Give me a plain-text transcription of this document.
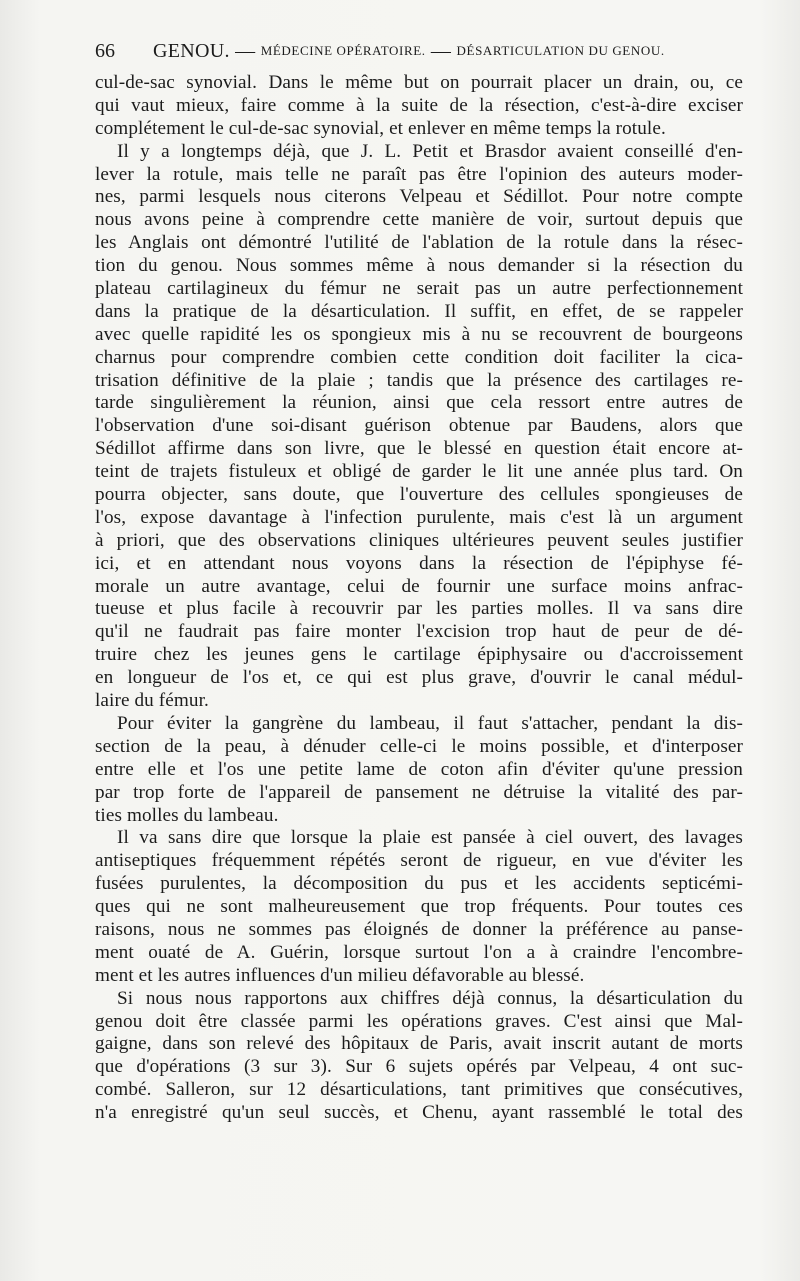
66 GENOU. — MÉDECINE OPÉRATOIRE. — DÉSARTICULATION DU GENOU.
cul-de-sac synovial. Dans le même but on pourrait placer un drain, ou, ce
qui vaut mieux, faire comme à la suite de la résection, c'est-à-dire exciser
complétement le cul-de-sac synovial, et enlever en même temps la rotule.
Il y a longtemps déjà, que J. L. Petit et Brasdor avaient conseillé d'en-
lever la rotule, mais telle ne paraît pas être l'opinion des auteurs moder-
nes, parmi lesquels nous citerons Velpeau et Sédillot. Pour notre compte
nous avons peine à comprendre cette manière de voir, surtout depuis que
les Anglais ont démontré l'utilité de l'ablation de la rotule dans la résec-
tion du genou. Nous sommes même à nous demander si la résection du
plateau cartilagineux du fémur ne serait pas un autre perfectionnement
dans la pratique de la désarticulation. Il suffit, en effet, de se rappeler
avec quelle rapidité les os spongieux mis à nu se recouvrent de bourgeons
charnus pour comprendre combien cette condition doit faciliter la cica-
trisation définitive de la plaie ; tandis que la présence des cartilages re-
tarde singulièrement la réunion, ainsi que cela ressort entre autres de
l'observation d'une soi-disant guérison obtenue par Baudens, alors que
Sédillot affirme dans son livre, que le blessé en question était encore at-
teint de trajets fistuleux et obligé de garder le lit une année plus tard. On
pourra objecter, sans doute, que l'ouverture des cellules spongieuses de
l'os, expose davantage à l'infection purulente, mais c'est là un argument
à priori, que des observations cliniques ultérieures peuvent seules justifier
ici, et en attendant nous voyons dans la résection de l'épiphyse fé-
morale un autre avantage, celui de fournir une surface moins anfrac-
tueuse et plus facile à recouvrir par les parties molles. Il va sans dire
qu'il ne faudrait pas faire monter l'excision trop haut de peur de dé-
truire chez les jeunes gens le cartilage épiphysaire ou d'accroissement
en longueur de l'os et, ce qui est plus grave, d'ouvrir le canal médul-
laire du fémur.
Pour éviter la gangrène du lambeau, il faut s'attacher, pendant la dis-
section de la peau, à dénuder celle-ci le moins possible, et d'interposer
entre elle et l'os une petite lame de coton afin d'éviter qu'une pression
par trop forte de l'appareil de pansement ne détruise la vitalité des par-
ties molles du lambeau.
Il va sans dire que lorsque la plaie est pansée à ciel ouvert, des lavages
antiseptiques fréquemment répétés seront de rigueur, en vue d'éviter les
fusées purulentes, la décomposition du pus et les accidents septicémi-
ques qui ne sont malheureusement que trop fréquents. Pour toutes ces
raisons, nous ne sommes pas éloignés de donner la préférence au panse-
ment ouaté de A. Guérin, lorsque surtout l'on a à craindre l'encombre-
ment et les autres influences d'un milieu défavorable au blessé.
Si nous nous rapportons aux chiffres déjà connus, la désarticulation du
genou doit être classée parmi les opérations graves. C'est ainsi que Mal-
gaigne, dans son relevé des hôpitaux de Paris, avait inscrit autant de morts
que d'opérations (3 sur 3). Sur 6 sujets opérés par Velpeau, 4 ont suc-
combé. Salleron, sur 12 désarticulations, tant primitives que consécutives,
n'a enregistré qu'un seul succès, et Chenu, ayant rassemblé le total des
